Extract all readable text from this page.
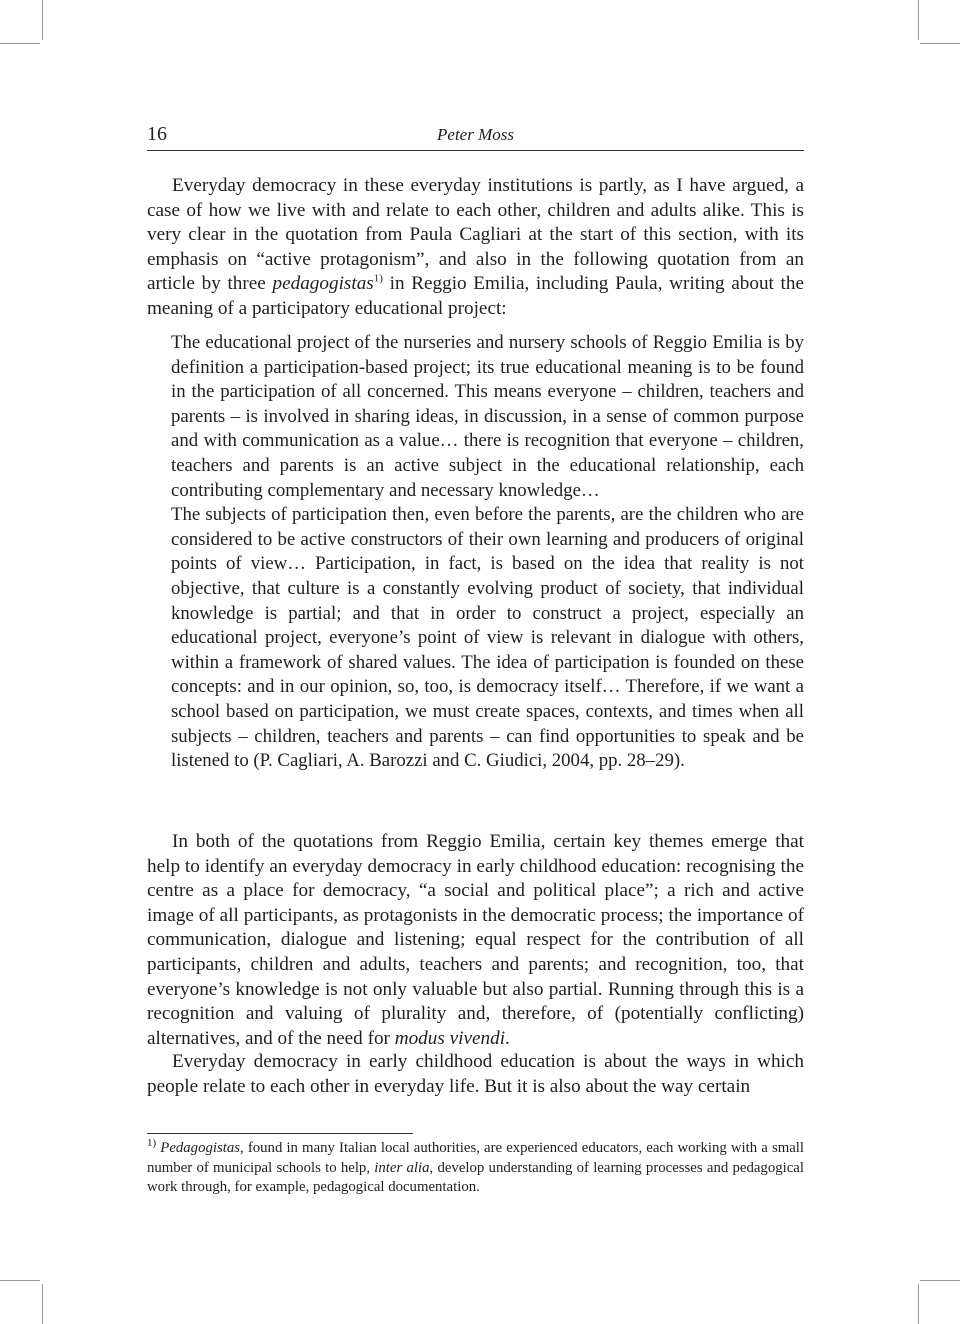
16	Peter Moss
Everyday democracy in these everyday institutions is partly, as I have argued, a case of how we live with and relate to each other, children and adults alike. This is very clear in the quotation from Paula Cagliari at the start of this section, with its emphasis on “active protagonism”, and also in the following quotation from an article by three pedagogistas$^{1)}$ in Reggio Emilia, including Paula, writing about the meaning of a participatory educational project:

The educational project of the nurseries and nursery schools of Reggio Emilia is by definition a participation-based project; its true educational meaning is to be found in the participation of all concerned. This means everyone – children, teachers and parents – is involved in sharing ideas, in discussion, in a sense of common purpose and with communication as a value… there is recognition that everyone – children, teachers and parents is an active subject in the educational relationship, each contributing complementary and necessary knowledge…

The subjects of participation then, even before the parents, are the children who are considered to be active constructors of their own learning and producers of original points of view… Participation, in fact, is based on the idea that reality is not objective, that culture is a constantly evolving product of society, that individual knowledge is partial; and that in order to construct a project, especially an educational project, everyone’s point of view is relevant in dialogue with others, within a framework of shared values. The idea of participation is founded on these concepts: and in our opinion, so, too, is democracy itself… Therefore, if we want a school based on participation, we must create spaces, contexts, and times when all subjects – children, teachers and parents – can find opportunities to speak and be listened to (P. Cagliari, A. Barozzi and C. Giudici, 2004, pp. 28–29).

In both of the quotations from Reggio Emilia, certain key themes emerge that help to identify an everyday democracy in early childhood education: recognising the centre as a place for democracy, “a social and political place”; a rich and active image of all participants, as protagonists in the democratic process; the importance of communication, dialogue and listening; equal respect for the contribution of all participants, children and adults, teachers and parents; and recognition, too, that everyone’s knowledge is not only valuable but also partial. Running through this is a recognition and valuing of plurality and, therefore, of (potentially conflicting) alternatives, and of the need for modus vivendi.
Everyday democracy in early childhood education is about the ways in which people relate to each other in everyday life. But it is also about the way certain

$^{1)}$ Pedagogistas, found in many Italian local authorities, are experienced educators, each working with a small number of municipal schools to help, inter alia, develop understanding of learning processes and pedagogical work through, for example, pedagogical documentation.
